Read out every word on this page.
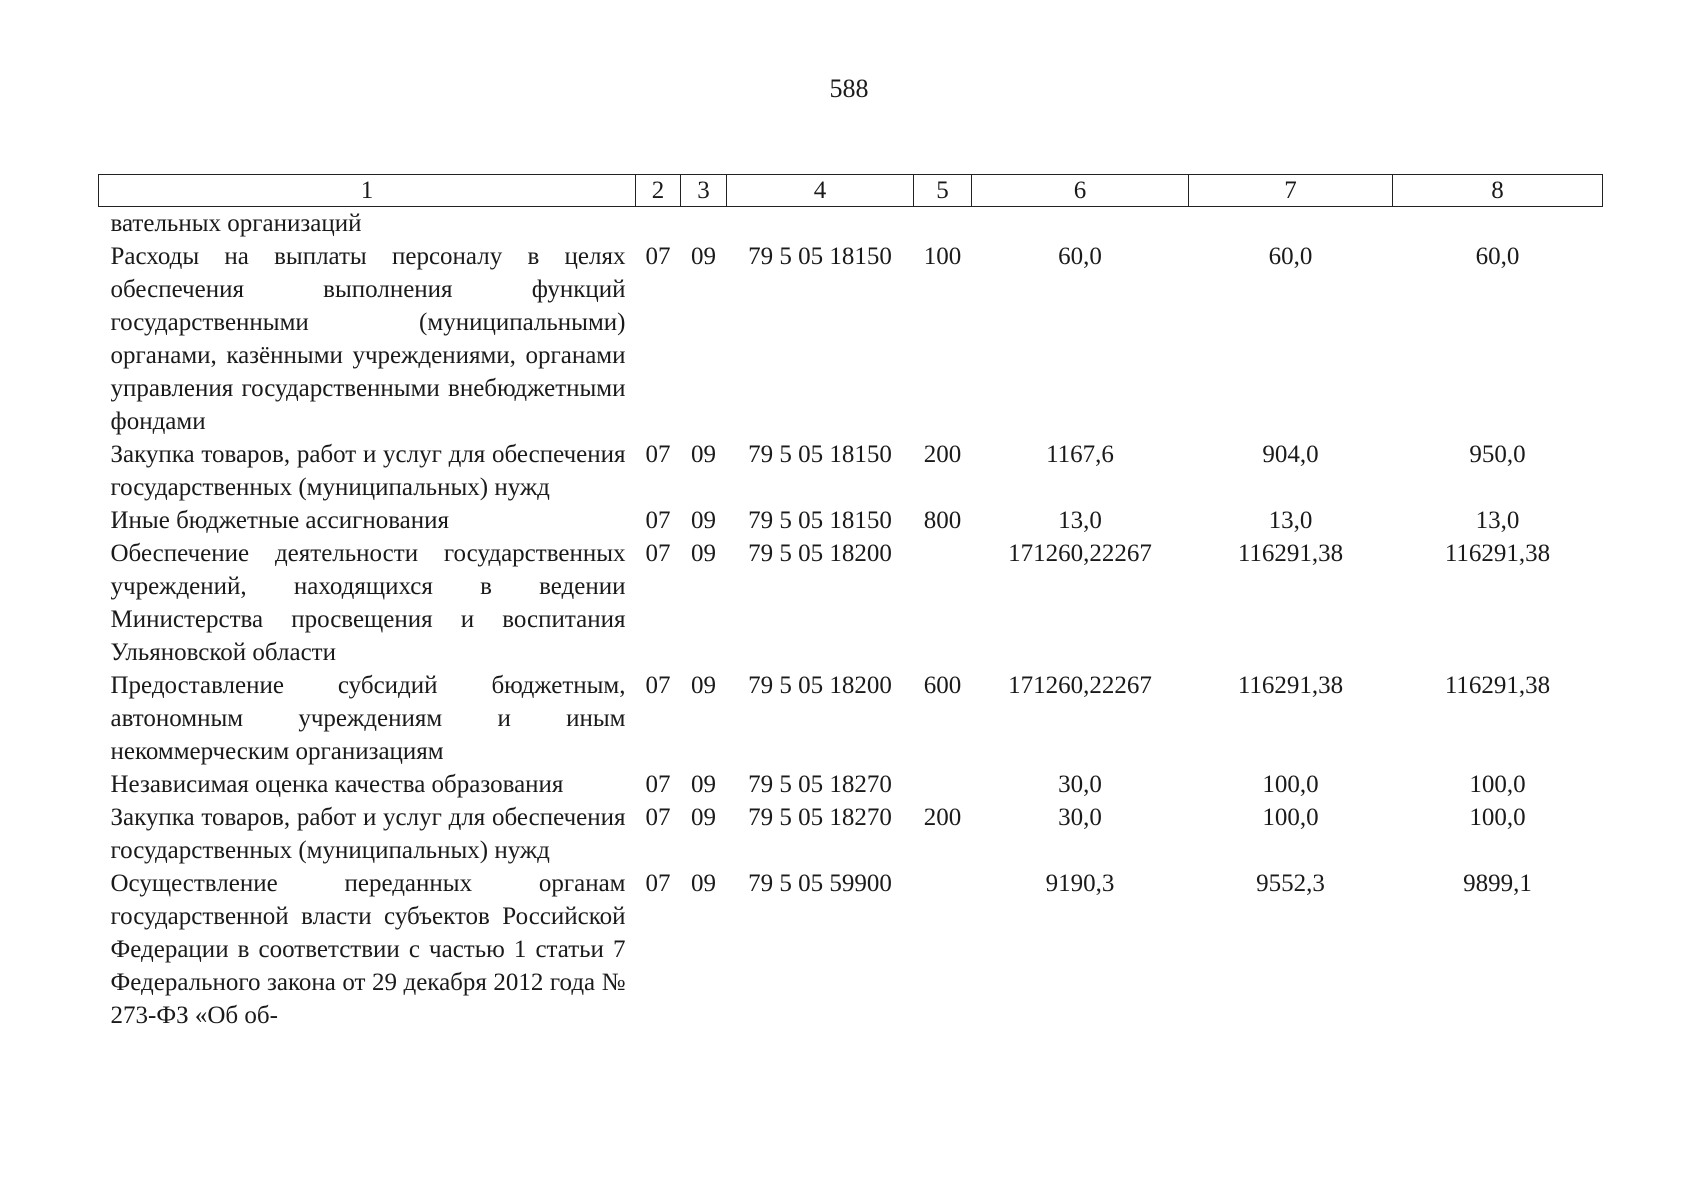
588
1	2	3	4	5	6	7	8
вательных организаций							
Расходы на выплаты персоналу в целях обеспечения выполнения функций государственными (муниципальными) органами, казёнными учреждениями, органами управления государственными внебюджетными фондами	07	09	79 5 05 18150	100	60,0	60,0	60,0
Закупка товаров, работ и услуг для обеспечения государственных (муниципальных) нужд	07	09	79 5 05 18150	200	1167,6	904,0	950,0
Иные бюджетные ассигнования	07	09	79 5 05 18150	800	13,0	13,0	13,0
Обеспечение деятельности государственных учреждений, находящихся в ведении Министерства просвещения и воспитания Ульяновской области	07	09	79 5 05 18200		171260,22267	116291,38	116291,38
Предоставление субсидий бюджетным, автономным учреждениям и иным некоммерческим организациям	07	09	79 5 05 18200	600	171260,22267	116291,38	116291,38
Независимая оценка качества образования	07	09	79 5 05 18270		30,0	100,0	100,0
Закупка товаров, работ и услуг для обеспечения государственных (муниципальных) нужд	07	09	79 5 05 18270	200	30,0	100,0	100,0
Осуществление переданных органам государственной власти субъектов Российской Федерации в соответствии с частью 1 статьи 7 Федерального закона от 29 декабря 2012 года № 273-ФЗ «Об об-	07	09	79 5 05 59900		9190,3	9552,3	9899,1
